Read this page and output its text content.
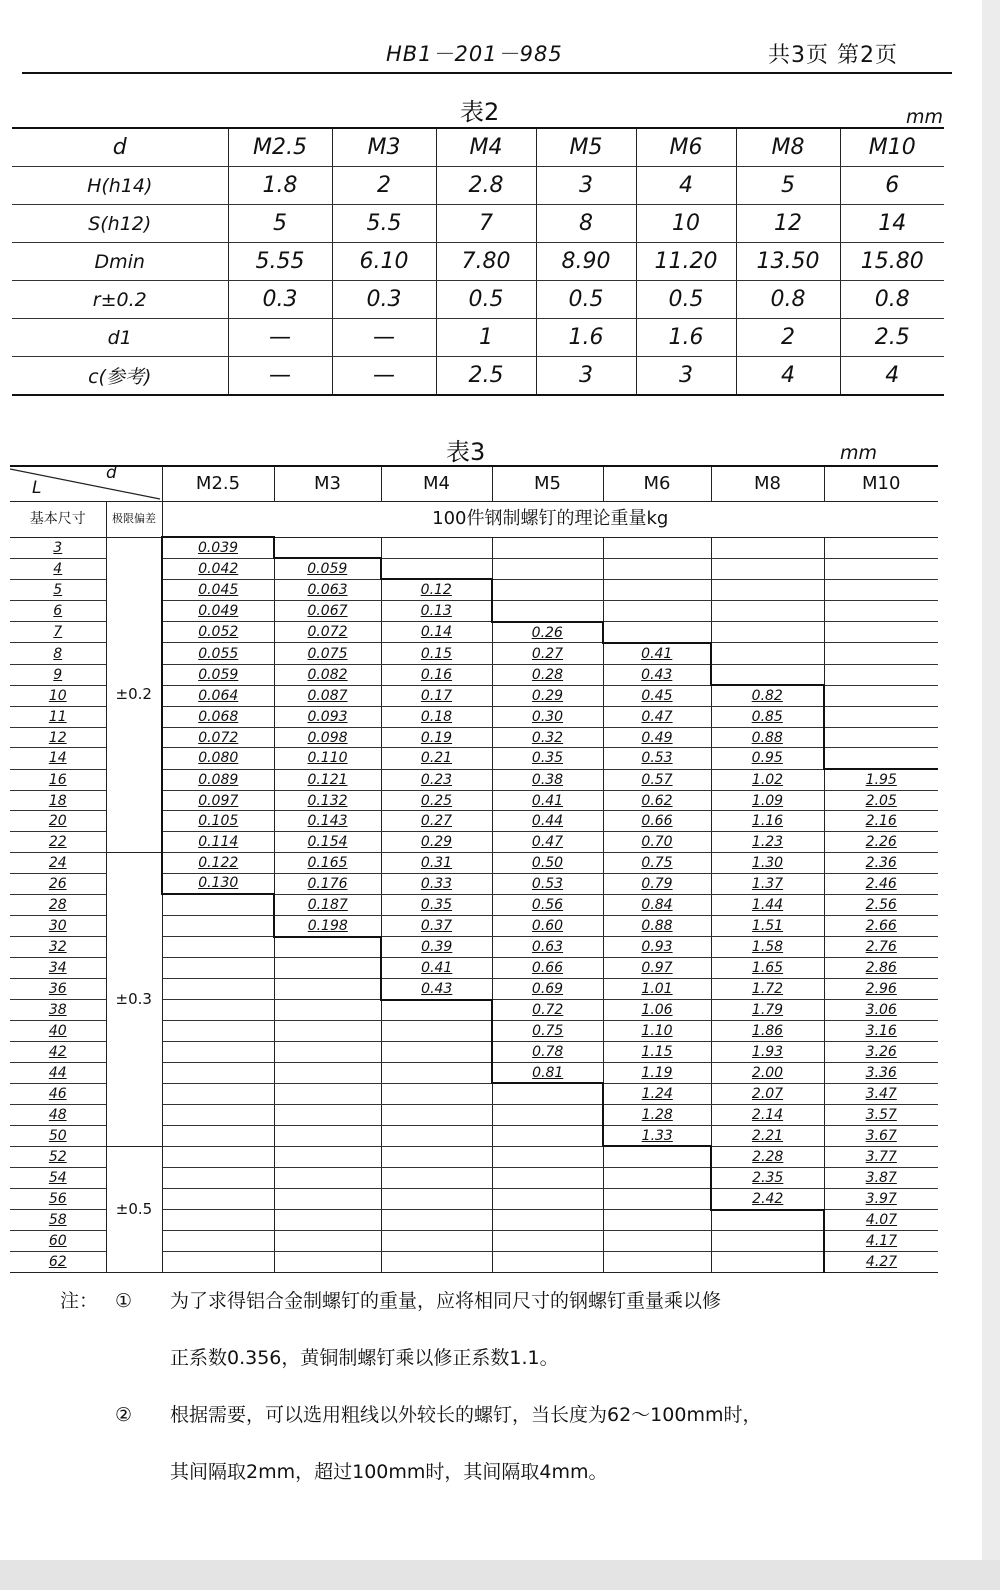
HB1－201－985	共3页 第2页
表2	mm
d	M2.5	M3	M4	M5	M6	M8	M10
H(h14)	1.8	2	2.8	3	4	5	6
S(h12)	5	5.5	7	8	10	12	14
Dmin	5.55	6.10	7.80	8.90	11.20	13.50	15.80
r±0.2	0.3	0.3	0.5	0.5	0.5	0.8	0.8
d1	—	—	1	1.6	1.6	2	2.5
c(参考)	—	—	2.5	3	3	4	4
表3	mm
L
d		M2.5	M3	M4	M5	M6	M8	M10
基本尺寸	极限偏差	100件钢制螺钉的理论重量kg						
3	±0.2	0.039						
4		0.042	0.059					
5		0.045	0.063	0.12				
6		0.049	0.067	0.13				
7		0.052	0.072	0.14	0.26			
8		0.055	0.075	0.15	0.27	0.41		
9		0.059	0.082	0.16	0.28	0.43		
10		0.064	0.087	0.17	0.29	0.45	0.82	
11		0.068	0.093	0.18	0.30	0.47	0.85	
12		0.072	0.098	0.19	0.32	0.49	0.88	
14		0.080	0.110	0.21	0.35	0.53	0.95	
16		0.089	0.121	0.23	0.38	0.57	1.02	1.95
18		0.097	0.132	0.25	0.41	0.62	1.09	2.05
20		0.105	0.143	0.27	0.44	0.66	1.16	2.16
22		0.114	0.154	0.29	0.47	0.70	1.23	2.26
24	±0.3	0.122	0.165	0.31	0.50	0.75	1.30	2.36
26		0.130	0.176	0.33	0.53	0.79	1.37	2.46
28			0.187	0.35	0.56	0.84	1.44	2.56
30			0.198	0.37	0.60	0.88	1.51	2.66
32				0.39	0.63	0.93	1.58	2.76
34				0.41	0.66	0.97	1.65	2.86
36				0.43	0.69	1.01	1.72	2.96
38					0.72	1.06	1.79	3.06
40					0.75	1.10	1.86	3.16
42					0.78	1.15	1.93	3.26
44					0.81	1.19	2.00	3.36
46						1.24	2.07	3.47
48						1.28	2.14	3.57
50						1.33	2.21	3.67
52	±0.5						2.28	3.77
54							2.35	3.87
56							2.42	3.97
58								4.07
60								4.17
62								4.27
注： ① 为了求得铝合金制螺钉的重量，应将相同尺寸的钢螺钉重量乘以修
正系数0.356，黄铜制螺钉乘以修正系数1.1。
② 根据需要，可以选用粗线以外较长的螺钉，当长度为62～100mm时，
其间隔取2mm，超过100mm时，其间隔取4mm。
